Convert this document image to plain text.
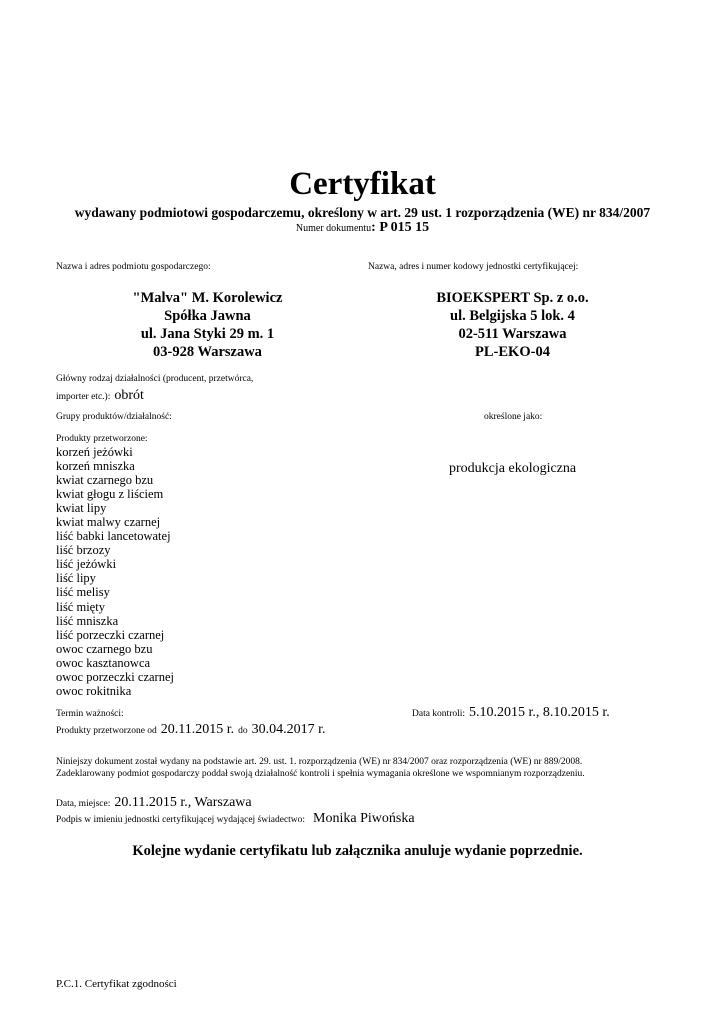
Certyfikat
wydawany podmiotowi gospodarczemu, określony w art. 29 ust. 1 rozporządzenia (WE) nr 834/2007
Numer dokumentu: P 015 15
Nazwa i adres podmiotu gospodarczego:	Nazwa, adres i numer kodowy jednostki certyfikującej:
"Malva" M. Korolewicz
Spółka Jawna
ul. Jana Styki 29 m. 1
03-928 Warszawa
BIOEKSPERT Sp. z o.o.
ul. Belgijska 5 lok. 4
02-511 Warszawa
PL-EKO-04
Główny rodzaj działalności (producent, przetwórca,
importer etc.): obrót
Grupy produktów/działalność:	określone jako:
produkcja ekologiczna
Produkty przetworzone:
korzeń jeżówki
korzeń mniszka
kwiat czarnego bzu
kwiat głogu z liściem
kwiat lipy
kwiat malwy czarnej
liść babki lancetowatej
liść brzozy
liść jeżówki
liść lipy
liść melisy
liść mięty
liść mniszka
liść porzeczki czarnej
owoc czarnego bzu
owoc kasztanowca
owoc porzeczki czarnej
owoc rokitnika
Termin ważności:
Produkty przetworzone od 20.11.2015 r. do 30.04.2017 r.
Data kontroli: 5.10.2015 r., 8.10.2015 r.
Niniejszy dokument został wydany na podstawie art. 29. ust. 1. rozporządzenia (WE) nr 834/2007 oraz rozporządzenia (WE) nr 889/2008.
Zadeklarowany podmiot gospodarczy poddał swoją działalność kontroli i spełnia wymagania określone we wspomnianym rozporządzeniu.
Data, miejsce: 20.11.2015 r., Warszawa
Podpis w imieniu jednostki certyfikującej wydającej świadectwo: Monika Piwońska
Kolejne wydanie certyfikatu lub załącznika anuluje wydanie poprzednie.
P.C.1. Certyfikat zgodności
